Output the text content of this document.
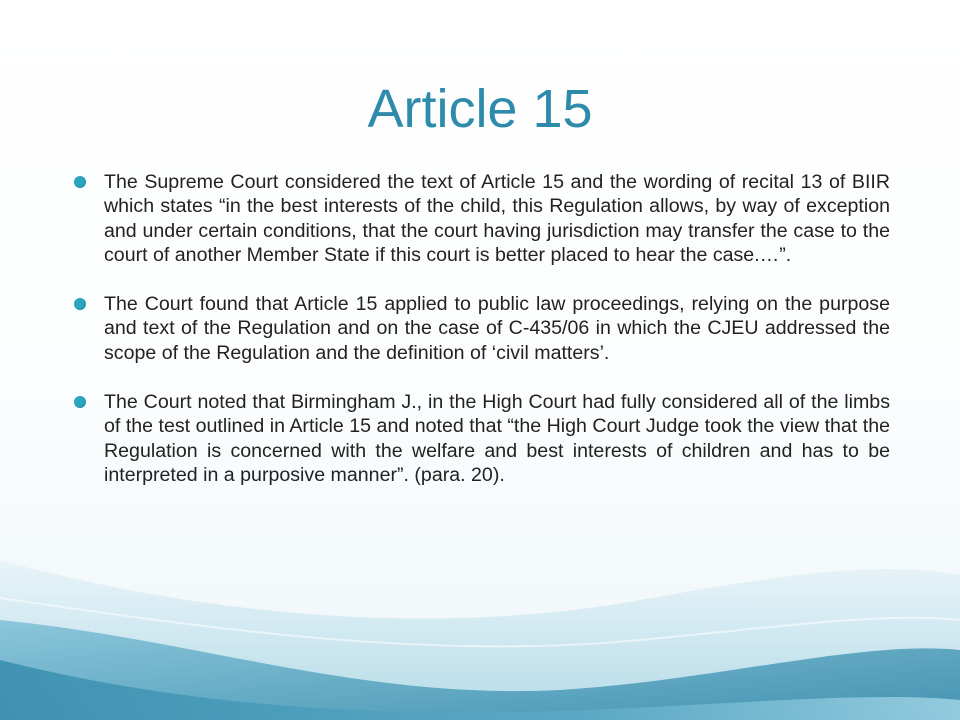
Article 15
The Supreme Court considered the text of Article 15 and the wording of recital 13 of BIIR which states “in the best interests of the child, this Regulation allows, by way of exception and under certain conditions, that the court having jurisdiction may transfer the case to the court of another Member State if this court is better placed to hear the case.…”.
The Court found that Article 15 applied to public law proceedings, relying on the purpose and text of the Regulation and on the case of C-435/06 in which the CJEU addressed the scope of the Regulation and the definition of ‘civil matters’.
The Court noted that Birmingham J., in the High Court had fully considered all of the limbs of the test outlined in Article 15 and noted that “the High Court Judge took the view that the Regulation is concerned with the welfare and best interests of children and has to be interpreted in a purposive manner”. (para. 20).
